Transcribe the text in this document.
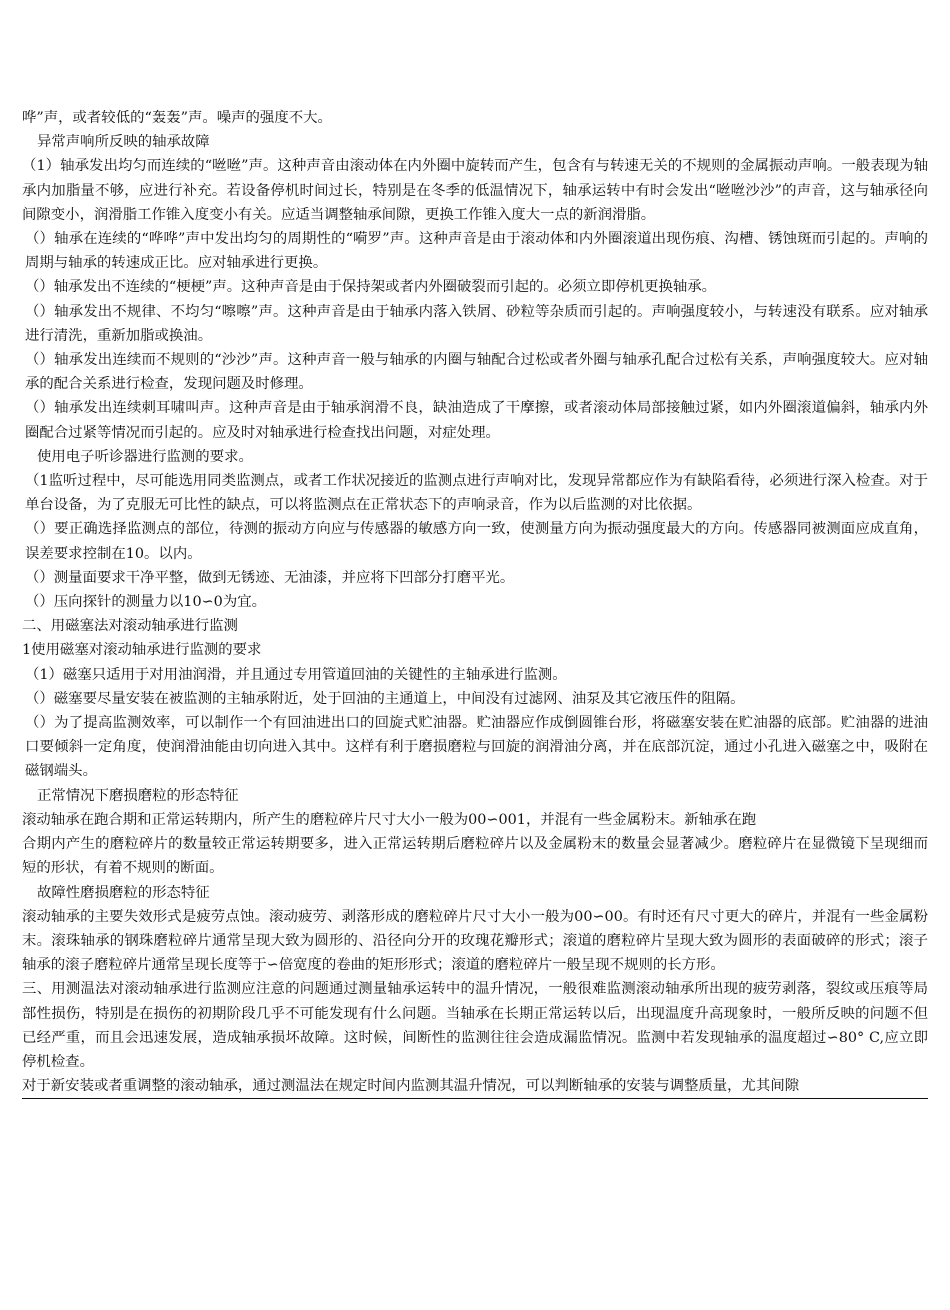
哗”声，或者较低的“轰轰”声。噪声的强度不大。

异常声响所反映的轴承故障

（1）轴承发出均匀而连续的“咝咝”声。这种声音由滚动体在内外圈中旋转而产生，包含有与转速无关的不规则的金属振动声响。一般表现为轴承内加脂量不够，应进行补充。若设备停机时间过长，特别是在冬季的低温情况下，轴承运转中有时会发出“咝咝沙沙”的声音，这与轴承径向间隙变小，润滑脂工作锥入度变小有关。应适当调整轴承间隙，更换工作锥入度大一点的新润滑脂。

（）轴承在连续的“哗哗”声中发出均匀的周期性的“嗬罗”声。这种声音是由于滚动体和内外圈滚道出现伤痕、沟槽、锈蚀斑而引起的。声响的周期与轴承的转速成正比。应对轴承进行更换。

（）轴承发出不连续的“梗梗”声。这种声音是由于保持架或者内外圈破裂而引起的。必须立即停机更换轴承。

（）轴承发出不规律、不均匀“嚓嚓”声。这种声音是由于轴承内落入铁屑、砂粒等杂质而引起的。声响强度较小，与转速没有联系。应对轴承进行清洗，重新加脂或换油。

（）轴承发出连续而不规则的“沙沙”声。这种声音一般与轴承的内圈与轴配合过松或者外圈与轴承孔配合过松有关系，声响强度较大。应对轴承的配合关系进行检查，发现问题及时修理。

（）轴承发出连续刺耳啸叫声。这种声音是由于轴承润滑不良，缺油造成了干摩擦，或者滚动体局部接触过紧，如内外圈滚道偏斜，轴承内外圈配合过紧等情况而引起的。应及时对轴承进行检查找出问题，对症处理。

使用电子听诊器进行监测的要求。

（1监听过程中，尽可能选用同类监测点，或者工作状况接近的监测点进行声响对比，发现异常都应作为有缺陷看待，必须进行深入检查。对于单台设备，为了克服无可比性的缺点，可以将监测点在正常状态下的声响录音，作为以后监测的对比依据。

（）要正确选择监测点的部位，待测的振动方向应与传感器的敏感方向一致，使测量方向为振动强度最大的方向。传感器同被测面应成直角，误差要求控制在10。以内。

（）测量面要求干净平整，做到无锈迹、无油漆，并应将下凹部分打磨平光。

（）压向探针的测量力以10∽0为宜。

二、用磁塞法对滚动轴承进行监测

1使用磁塞对滚动轴承进行监测的要求

（1）磁塞只适用于对用油润滑，并且通过专用管道回油的关键性的主轴承进行监测。

（）磁塞要尽量安装在被监测的主轴承附近，处于回油的主通道上，中间没有过滤网、油泵及其它液压件的阻隔。

（）为了提高监测效率，可以制作一个有回油进出口的回旋式贮油器。贮油器应作成倒圆锥台形，将磁塞安装在贮油器的底部。贮油器的进油口要倾斜一定角度，使润滑油能由切向进入其中。这样有利于磨损磨粒与回旋的润滑油分离，并在底部沉淀，通过小孔进入磁塞之中，吸附在磁钢端头。

正常情况下磨损磨粒的形态特征

滚动轴承在跑合期和正常运转期内，所产生的磨粒碎片尺寸大小一般为00∽001，并混有一些金属粉末。新轴承在跑

合期内产生的磨粒碎片的数量较正常运转期要多，进入正常运转期后磨粒碎片以及金属粉末的数量会显著减少。磨粒碎片在显微镜下呈现细而短的形状，有着不规则的断面。

故障性磨损磨粒的形态特征

滚动轴承的主要失效形式是疲劳点蚀。滚动疲劳、剥落形成的磨粒碎片尺寸大小一般为00∽00。有时还有尺寸更大的碎片，并混有一些金属粉末。滚珠轴承的钢珠磨粒碎片通常呈现大致为圆形的、沿径向分开的玫瑰花瓣形式；滚道的磨粒碎片呈现大致为圆形的表面破碎的形式；滚子轴承的滚子磨粒碎片通常呈现长度等于∽倍宽度的卷曲的矩形形式；滚道的磨粒碎片一般呈现不规则的长方形。

三、用测温法对滚动轴承进行监测应注意的问题通过测量轴承运转中的温升情况，一般很难监测滚动轴承所出现的疲劳剥落，裂纹或压痕等局部性损伤，特别是在损伤的初期阶段几乎不可能发现有什么问题。当轴承在长期正常运转以后，出现温度升高现象时，一般所反映的问题不但已经严重，而且会迅速发展，造成轴承损坏故障。这时候，间断性的监测往往会造成漏监情况。监测中若发现轴承的温度超过∽80° C,应立即停机检查。

对于新安装或者重调整的滚动轴承，通过测温法在规定时间内监测其温升情况，可以判断轴承的安装与调整质量，尤其间隙
